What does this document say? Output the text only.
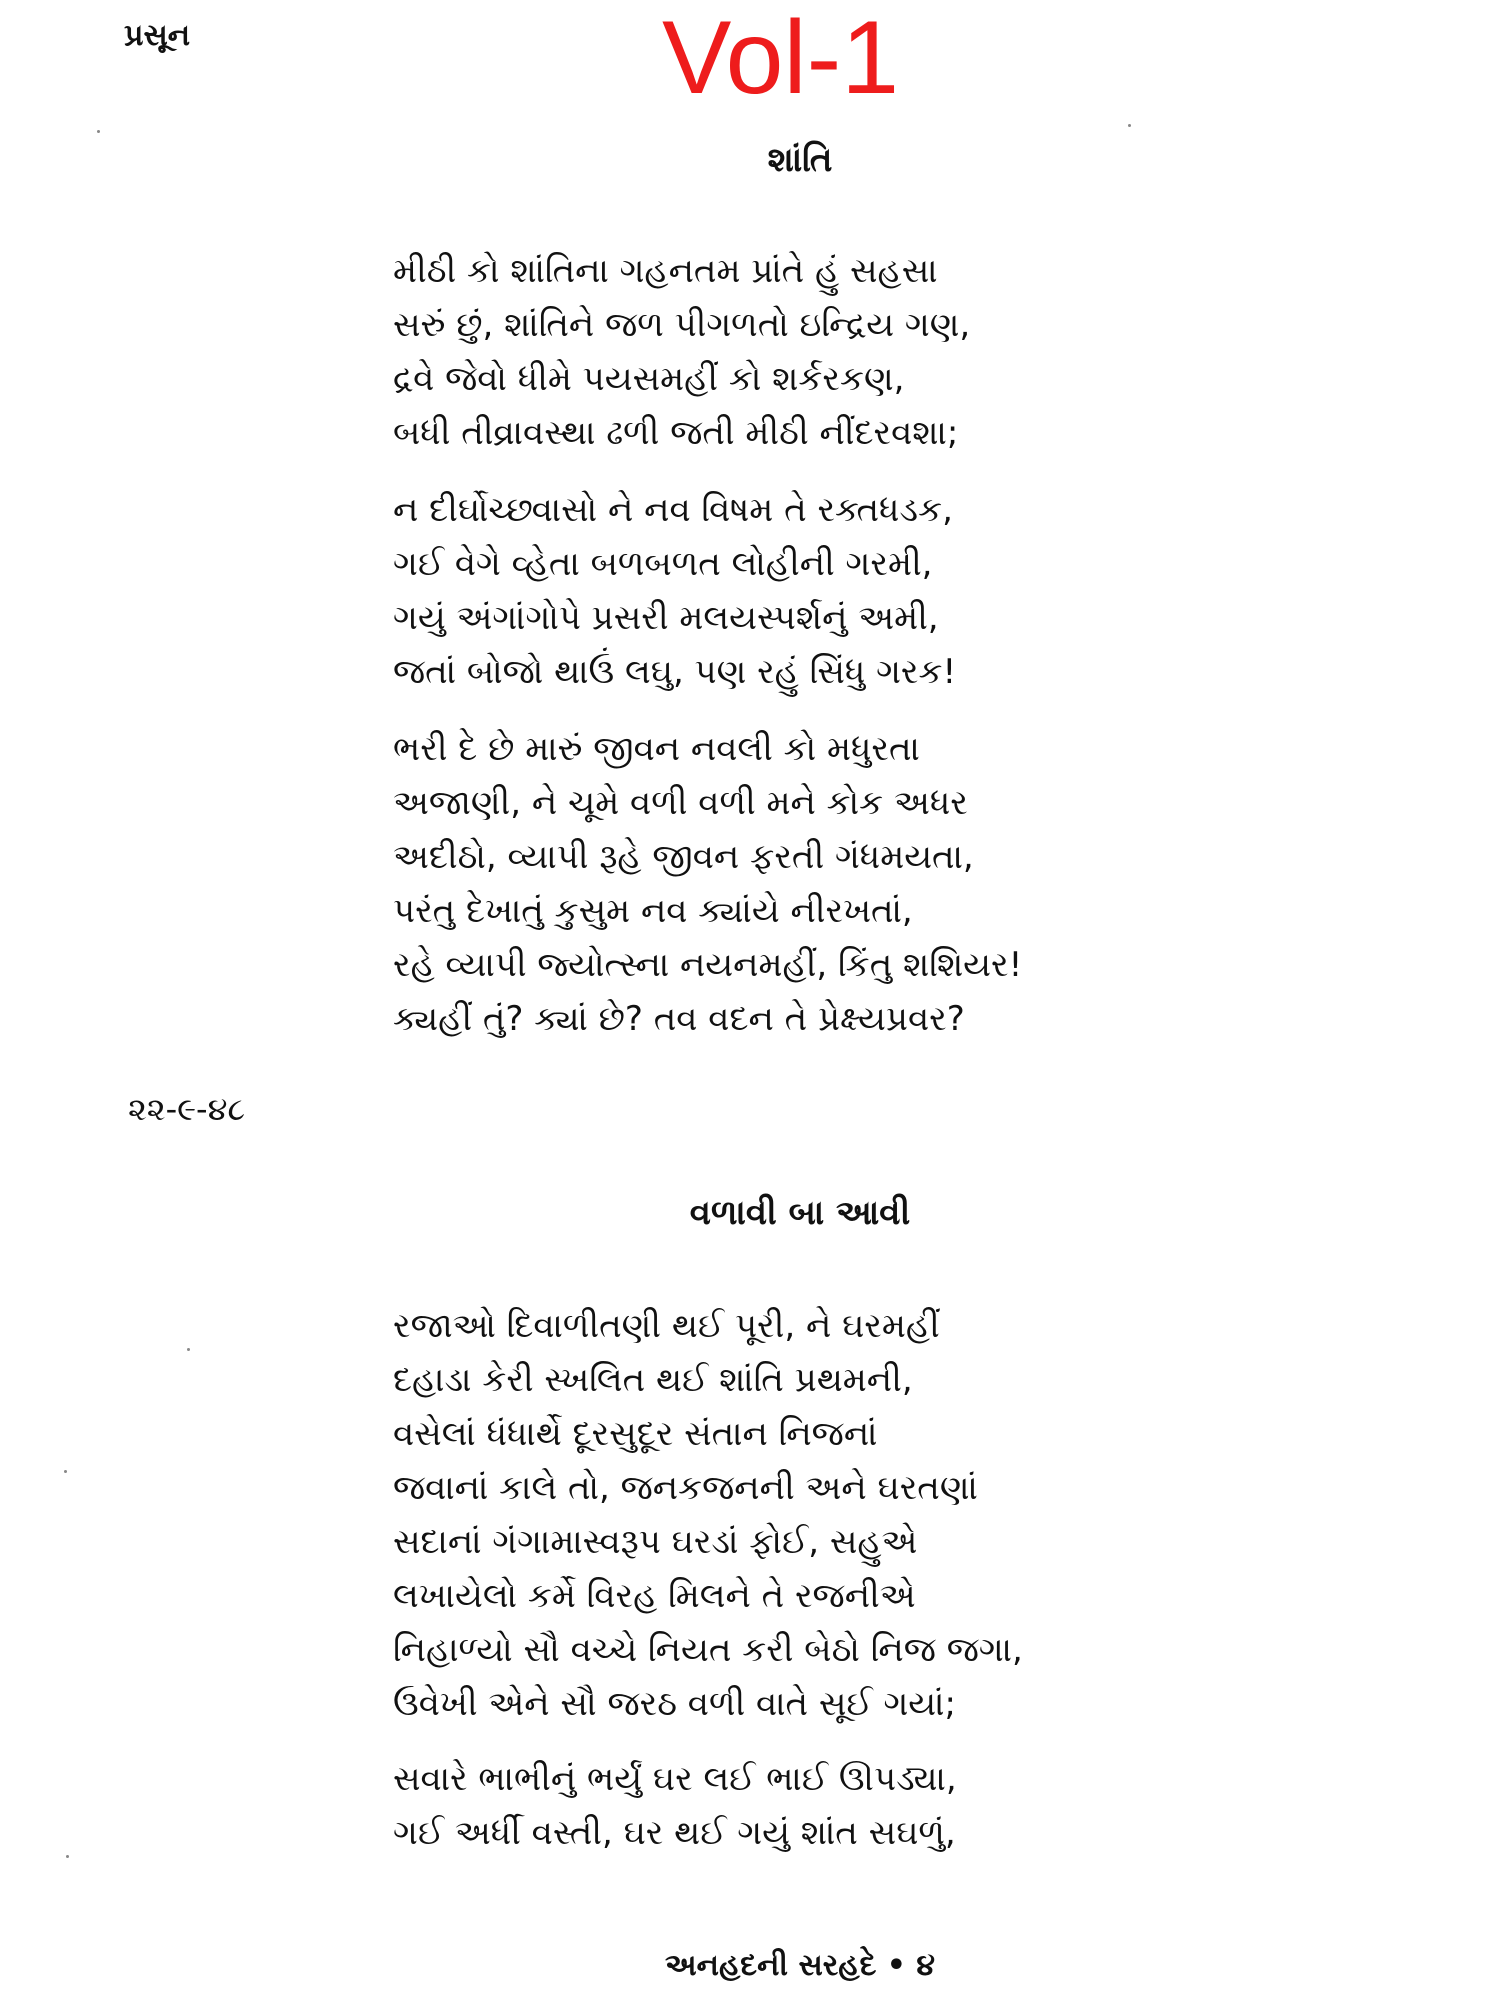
પ્રસૂન	Vol-1
શાંતિ
મીઠી કો શાંતિના ગહનતમ પ્રાંતે હું સહસા
સરું છું, શાંતિને જળ પીગળતો ઇન્દ્રિય ગણ,
દ્રવે જેવો ધીમે પયસમહીં કો શર્કરકણ,
બધી તીવ્રાવસ્થા ઢળી જતી મીઠી નીંદરવશા;
ન દીર્ઘોચ્છ્વાસો ને નવ વિષમ તે રક્તધડક,
ગઈ વેગે વ્હેતા બળબળત લોહીની ગરમી,
ગયું અંગાંગોપે પ્રસરી મલયસ્પર્શનું અમી,
જતાં બોજો થાઉં લઘુ, પણ રહું સિંધુ ગરક!
ભરી દે છે મારું જીવન નવલી કો મધુરતા
અજાણી, ને ચૂમે વળી વળી મને કોક અધર
અદીઠો, વ્યાપી રૂહે જીવન ફરતી ગંધમયતા,
પરંતુ દેખાતું કુસુમ નવ ક્યાંયે નીરખતાં,
રહે વ્યાપી જ્યોત્સ્ના નયનમહીં, કિંતુ શશિયર!
ક્યહીં તું? ક્યાં છે? તવ વદન તે પ્રેક્ષ્યપ્રવર?
૨૨-૯-૪૮
વળાવી બા આવી
રજાઓ દિવાળીતણી થઈ પૂરી, ને ઘરમહીં
દહાડા કેરી સ્ખલિત થઈ શાંતિ પ્રથમની,
વસેલાં ધંધાર્થે દૂરસુદૂર સંતાન નિજનાં
જવાનાં કાલે તો, જનકજનની અને ઘરતણાં
સદાનાં ગંગામાસ્વરૂપ ઘરડાં ફોઈ, સહુએ
લખાયેલો કર્મે વિરહ મિલને તે રજનીએ
નિહાળ્યો સૌ વચ્ચે નિયત કરી બેઠો નિજ જગા,
ઉવેખી એને સૌ જરઠ વળી વાતે સૂઈ ગયાં;
સવારે ભાભીનું ભર્યું ઘર લઈ ભાઈ ઊપડ્યા,
ગઈ અર્ધી વસ્તી, ઘર થઈ ગયું શાંત સઘળું,
અનહદની સરહદે • ૪
